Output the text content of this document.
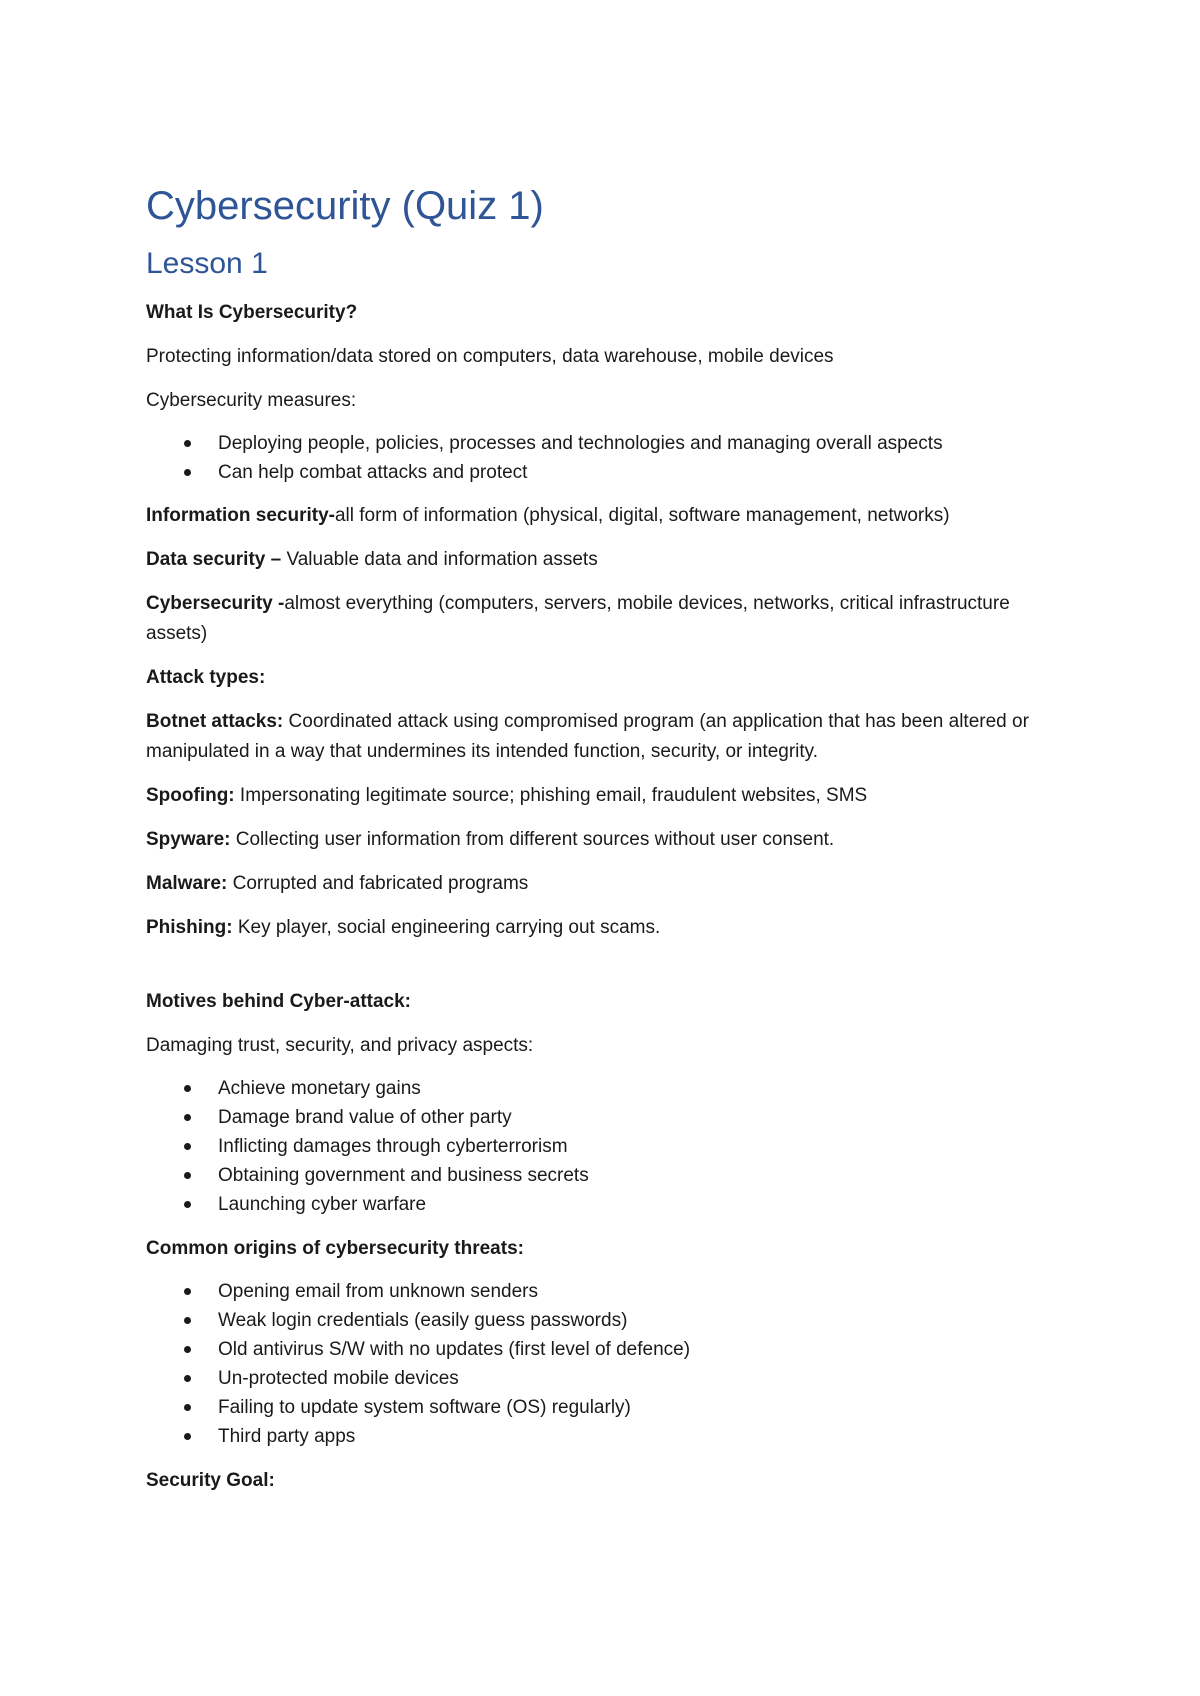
Cybersecurity (Quiz 1)
Lesson 1

What Is Cybersecurity?

Protecting information/data stored on computers, data warehouse, mobile devices

Cybersecurity measures:

Deploying people, policies, processes and technologies and managing overall aspects
Can help combat attacks and protect

Information security-all form of information (physical, digital, software management, networks)

Data security – Valuable data and information assets

Cybersecurity -almost everything (computers, servers, mobile devices, networks, critical infrastructure assets)

Attack types:

Botnet attacks: Coordinated attack using compromised program (an application that has been altered or manipulated in a way that undermines its intended function, security, or integrity.

Spoofing: Impersonating legitimate source; phishing email, fraudulent websites, SMS

Spyware: Collecting user information from different sources without user consent.

Malware: Corrupted and fabricated programs

Phishing: Key player, social engineering carrying out scams.

Motives behind Cyber-attack:

Damaging trust, security, and privacy aspects:

Achieve monetary gains
Damage brand value of other party
Inflicting damages through cyberterrorism
Obtaining government and business secrets
Launching cyber warfare

Common origins of cybersecurity threats:

Opening email from unknown senders
Weak login credentials (easily guess passwords)
Old antivirus S/W with no updates (first level of defence)
Un-protected mobile devices
Failing to update system software (OS) regularly)
Third party apps

Security Goal:
